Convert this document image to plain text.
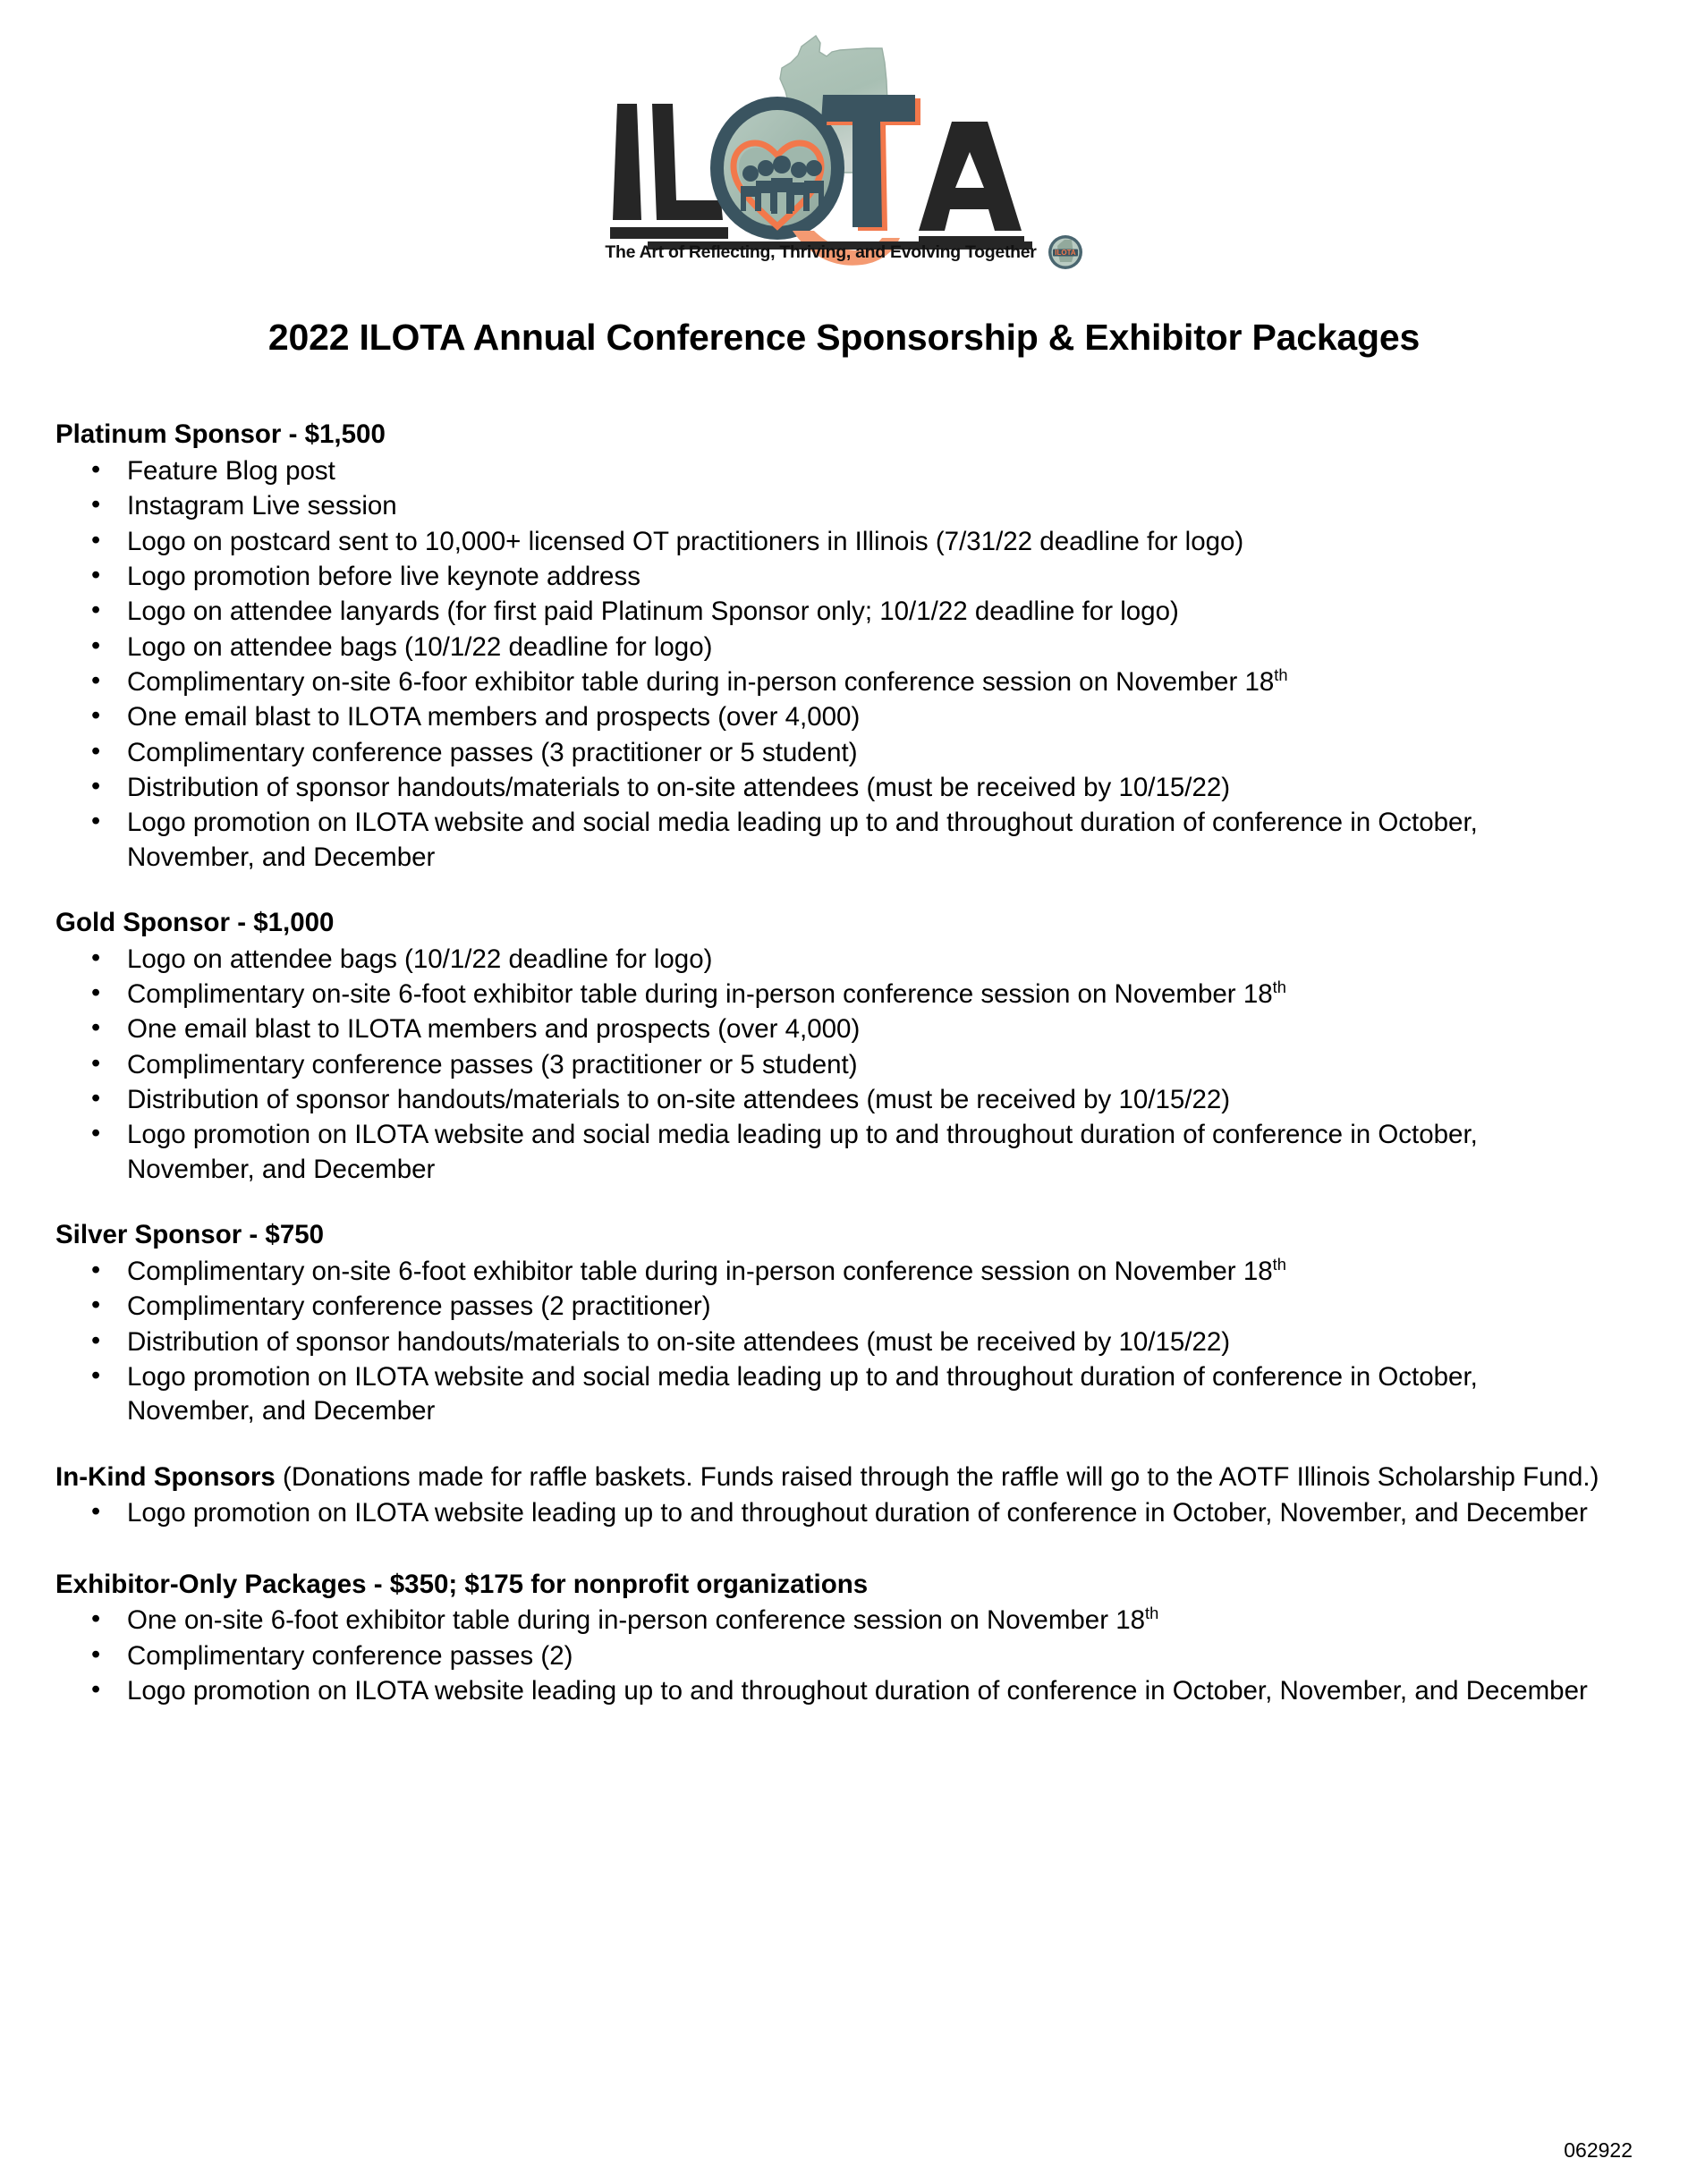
The Art of Reflecting, Thriving, and Evolving Together	ILOTA
2022 ILOTA Annual Conference Sponsorship & Exhibitor Packages
Platinum Sponsor - $1,500
• Feature Blog post
• Instagram Live session
• Logo on postcard sent to 10,000+ licensed OT practitioners in Illinois (7/31/22 deadline for logo)
• Logo promotion before live keynote address
• Logo on attendee lanyards (for first paid Platinum Sponsor only; 10/1/22 deadline for logo)
• Logo on attendee bags (10/1/22 deadline for logo)
• Complimentary on-site 6-foor exhibitor table during in-person conference session on November 18th
• One email blast to ILOTA members and prospects (over 4,000)
• Complimentary conference passes (3 practitioner or 5 student)
• Distribution of sponsor handouts/materials to on-site attendees (must be received by 10/15/22)
• Logo promotion on ILOTA website and social media leading up to and throughout duration of conference in October, November, and December
Gold Sponsor - $1,000
• Logo on attendee bags (10/1/22 deadline for logo)
• Complimentary on-site 6-foot exhibitor table during in-person conference session on November 18th
• One email blast to ILOTA members and prospects (over 4,000)
• Complimentary conference passes (3 practitioner or 5 student)
• Distribution of sponsor handouts/materials to on-site attendees (must be received by 10/15/22)
• Logo promotion on ILOTA website and social media leading up to and throughout duration of conference in October, November, and December
Silver Sponsor - $750
• Complimentary on-site 6-foot exhibitor table during in-person conference session on November 18th
• Complimentary conference passes (2 practitioner)
• Distribution of sponsor handouts/materials to on-site attendees (must be received by 10/15/22)
• Logo promotion on ILOTA website and social media leading up to and throughout duration of conference in October, November, and December
In-Kind Sponsors (Donations made for raffle baskets. Funds raised through the raffle will go to the AOTF Illinois Scholarship Fund.)
• Logo promotion on ILOTA website leading up to and throughout duration of conference in October, November, and December
Exhibitor-Only Packages - $350; $175 for nonprofit organizations
• One on-site 6-foot exhibitor table during in-person conference session on November 18th
• Complimentary conference passes (2)
• Logo promotion on ILOTA website leading up to and throughout duration of conference in October, November, and December
062922
